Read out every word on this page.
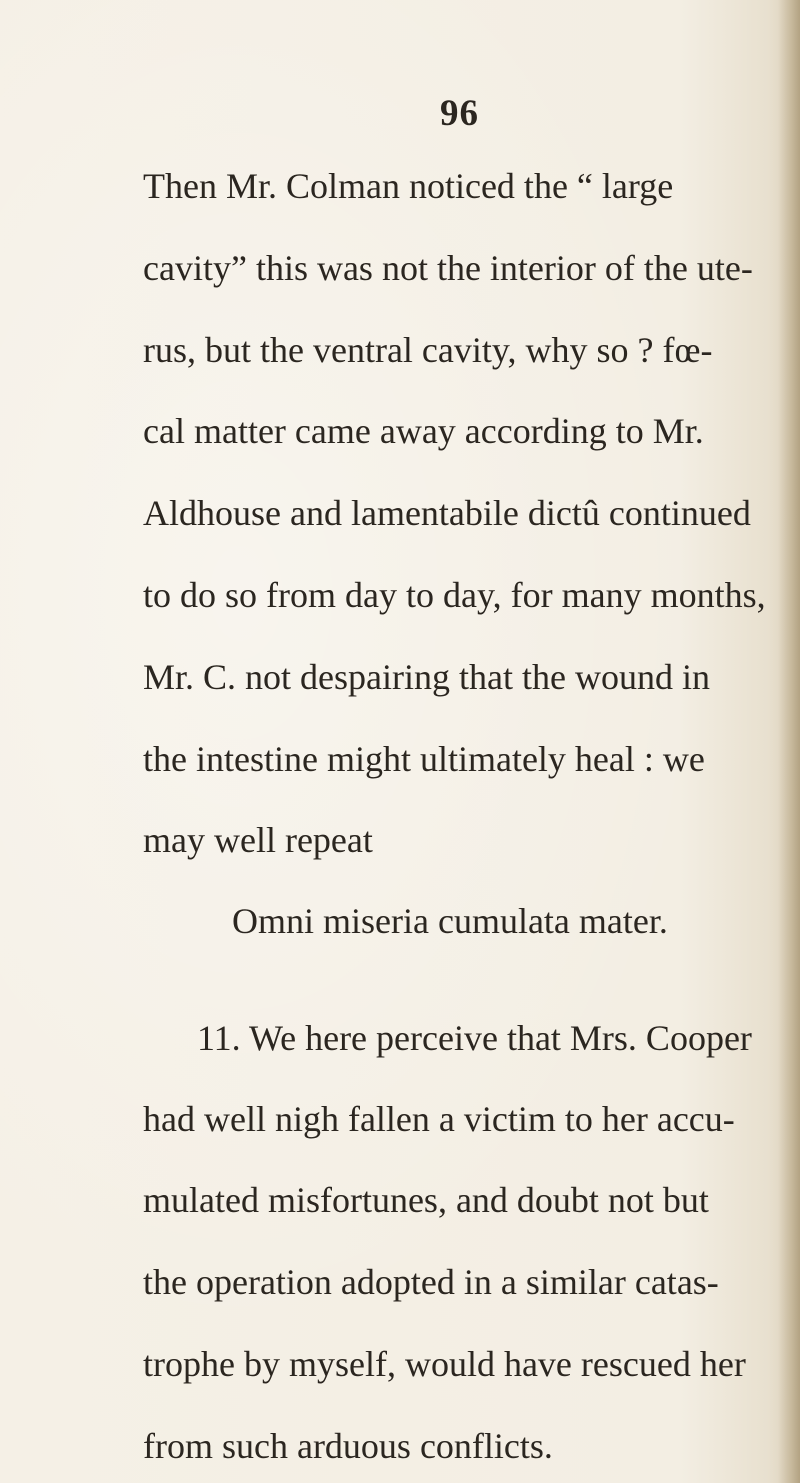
96
Then Mr. Colman noticed the “ large
cavity” this was not the interior of the ute-
rus, but the ventral cavity, why so ? fœ-
cal matter came away according to Mr.
Aldhouse and lamentabile dictû continued
to do so from day to day, for many months,
Mr. C. not despairing that the wound in
the intestine might ultimately heal : we
may well repeat
Omni miseria cumulata mater.
11. We here perceive that Mrs. Cooper
had well nigh fallen a victim to her accu-
mulated misfortunes, and doubt not but
the operation adopted in a similar catas-
trophe by myself, would have rescued her
from such arduous conflicts.
